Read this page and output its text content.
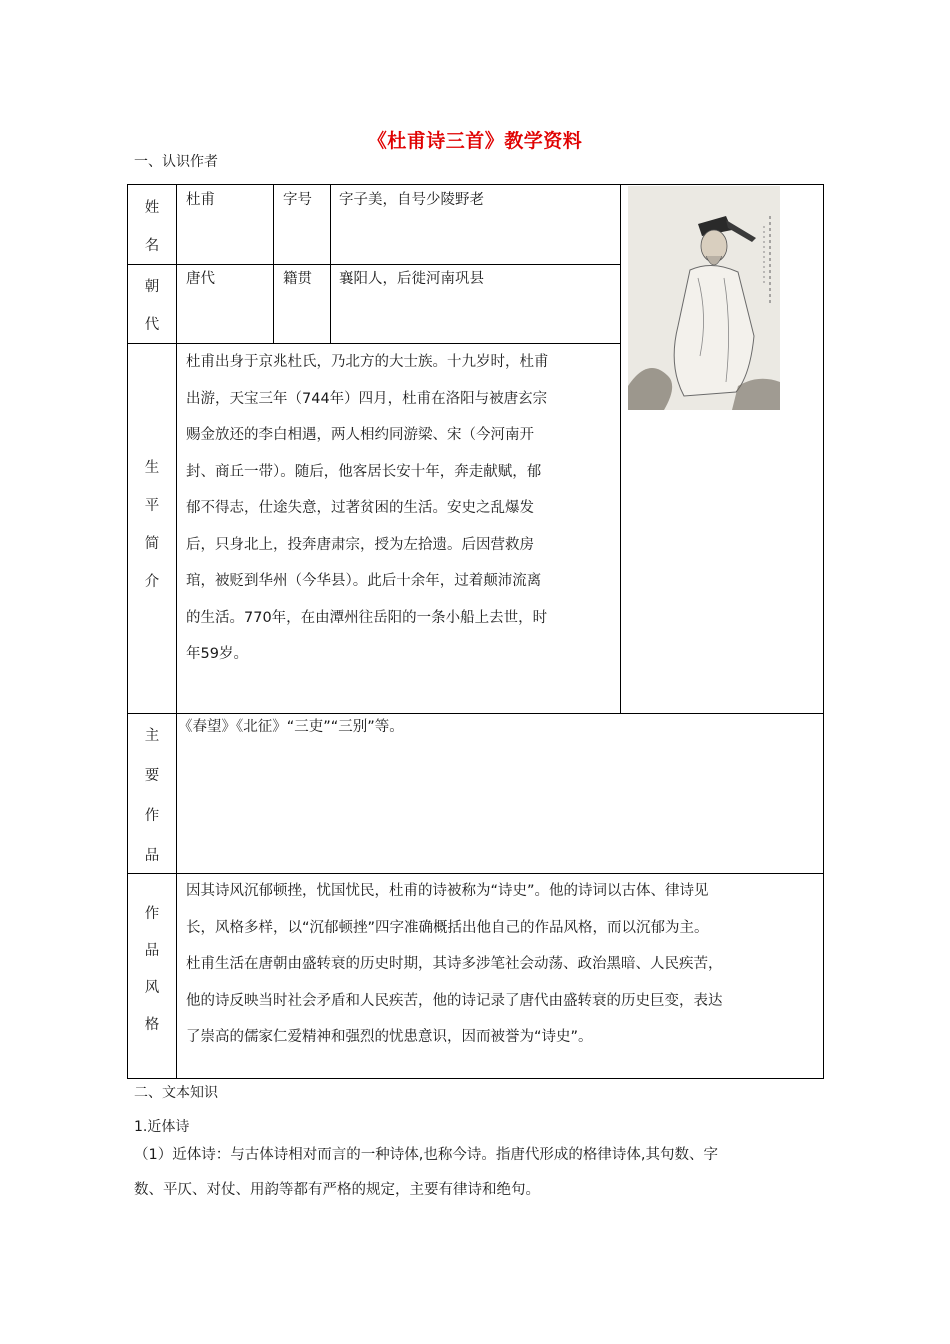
《杜甫诗三首》教学资料
一、认识作者
姓
名
杜甫	字号 字子美，自号少陵野老
朝
代
唐代	籍贯 襄阳人，后徙河南巩县
生
平
简
介
杜甫出身于京兆杜氏，乃北方的大士族。十九岁时，杜甫
出游，天宝三年（744年）四月，杜甫在洛阳与被唐玄宗
赐金放还的李白相遇，两人相约同游梁、宋（今河南开
封、商丘一带）。随后，他客居长安十年，奔走献赋，郁
郁不得志，仕途失意，过著贫困的生活。安史之乱爆发
后，只身北上，投奔唐肃宗，授为左拾遗。后因营救房
琯，被贬到华州（今华县）。此后十余年，过着颠沛流离
的生活。770年，在由潭州往岳阳的一条小船上去世，时
年59岁。
主
要
作
品
《春望》《北征》“三吏”“三别”等。
作
品
风
格
因其诗风沉郁顿挫，忧国忧民，杜甫的诗被称为“诗史”。他的诗词以古体、律诗见
长，风格多样，以“沉郁顿挫”四字准确概括出他自己的作品风格，而以沉郁为主。
杜甫生活在唐朝由盛转衰的历史时期，其诗多涉笔社会动荡、政治黑暗、人民疾苦，
他的诗反映当时社会矛盾和人民疾苦，他的诗记录了唐代由盛转衰的历史巨变，表达
了崇高的儒家仁爱精神和强烈的忧患意识，因而被誉为“诗史”。
二、文本知识
1.近体诗
（1）近体诗：与古体诗相对而言的一种诗体,也称今诗。指唐代形成的格律诗体,其句数、字
数、平仄、对仗、用韵等都有严格的规定，主要有律诗和绝句。
